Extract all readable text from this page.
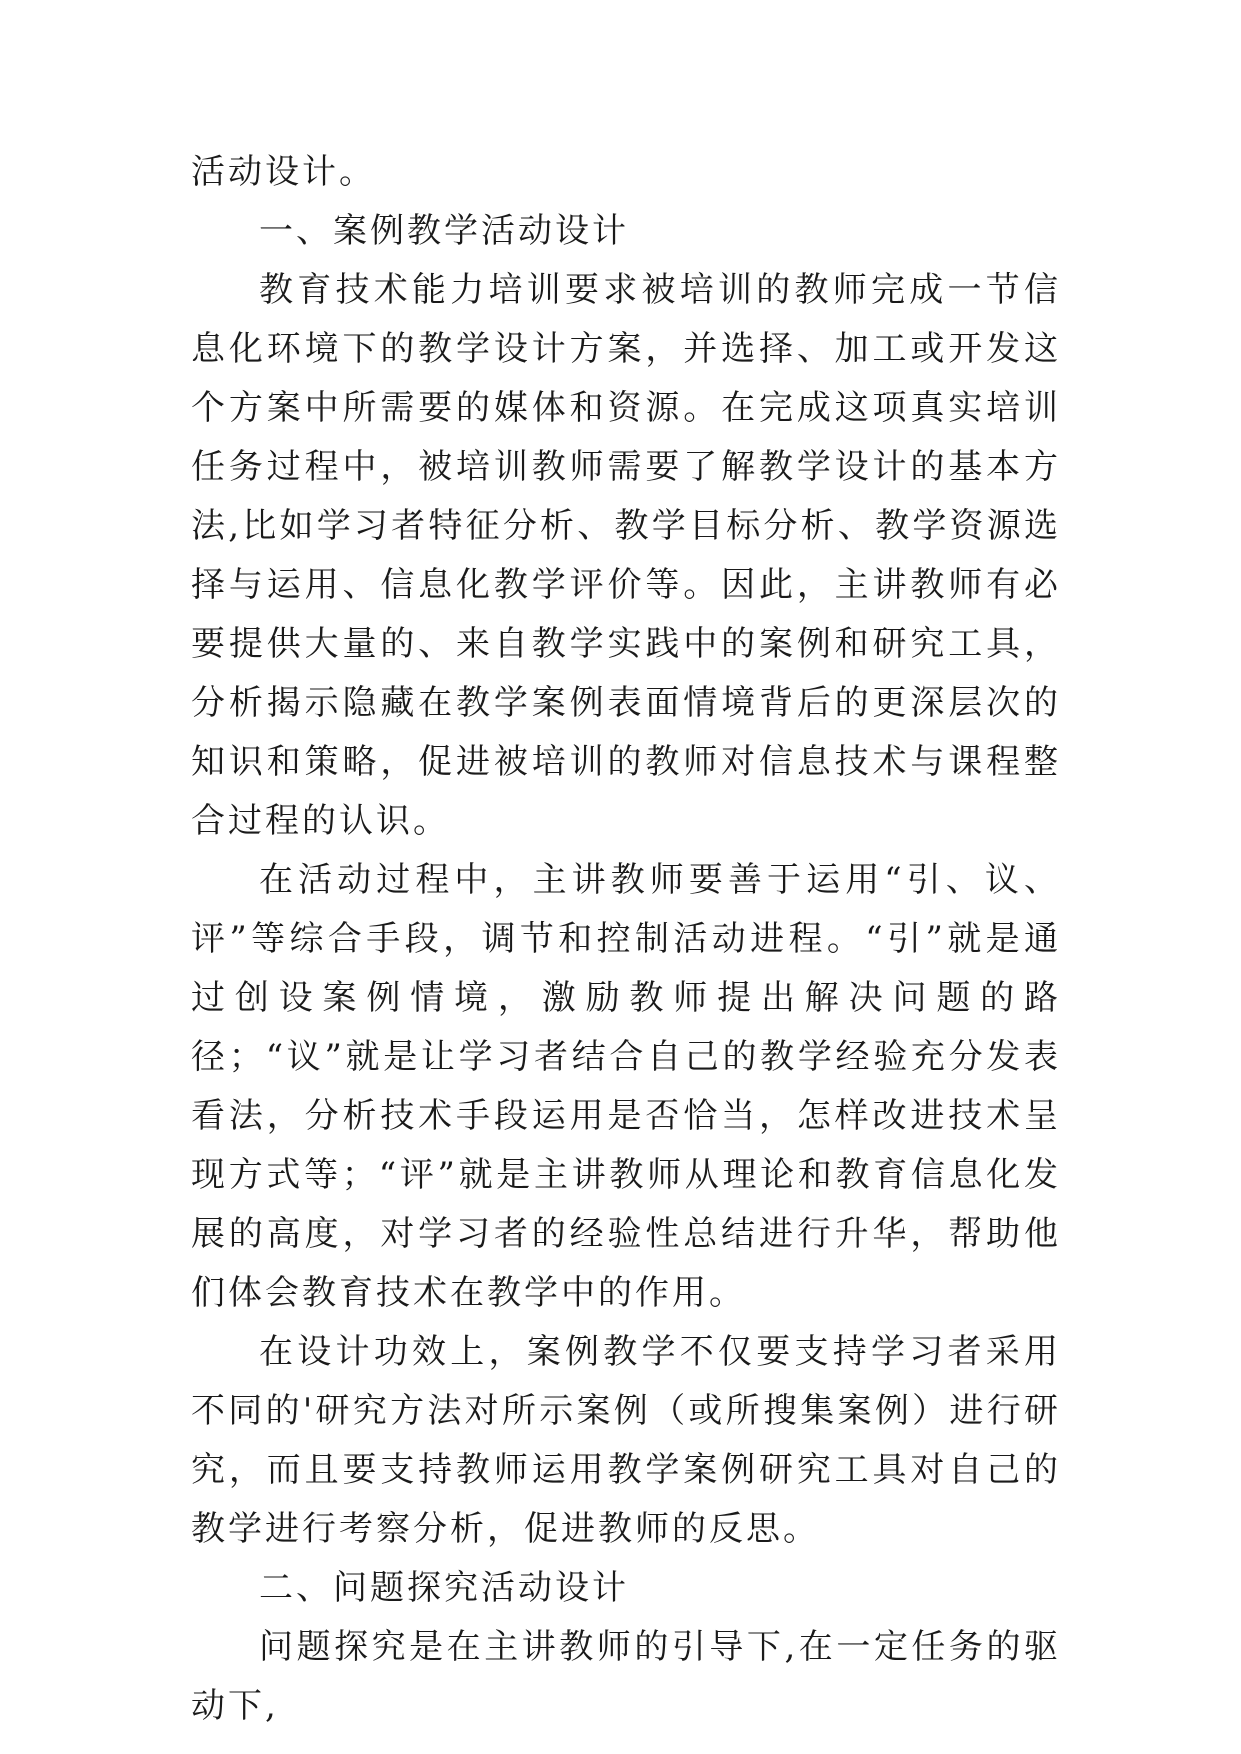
活动设计。

一、案例教学活动设计

教育技术能力培训要求被培训的教师完成一节信息化环境下的教学设计方案，并选择、加工或开发这个方案中所需要的媒体和资源。在完成这项真实培训任务过程中，被培训教师需要了解教学设计的基本方法,比如学习者特征分析、教学目标分析、教学资源选择与运用、信息化教学评价等。因此，主讲教师有必要提供大量的、来自教学实践中的案例和研究工具，分析揭示隐藏在教学案例表面情境背后的更深层次的知识和策略，促进被培训的教师对信息技术与课程整合过程的认识。

在活动过程中，主讲教师要善于运用“引、议、评”等综合手段，调节和控制活动进程。“引”就是通过创设案例情境，激励教师提出解决问题的路径；“议”就是让学习者结合自己的教学经验充分发表看法，分析技术手段运用是否恰当，怎样改进技术呈现方式等；“评”就是主讲教师从理论和教育信息化发展的高度，对学习者的经验性总结进行升华，帮助他们体会教育技术在教学中的作用。

在设计功效上，案例教学不仅要支持学习者采用不同的'研究方法对所示案例（或所搜集案例）进行研究，而且要支持教师运用教学案例研究工具对自己的教学进行考察分析，促进教师的反思。

二、问题探究活动设计

问题探究是在主讲教师的引导下,在一定任务的驱动下,
